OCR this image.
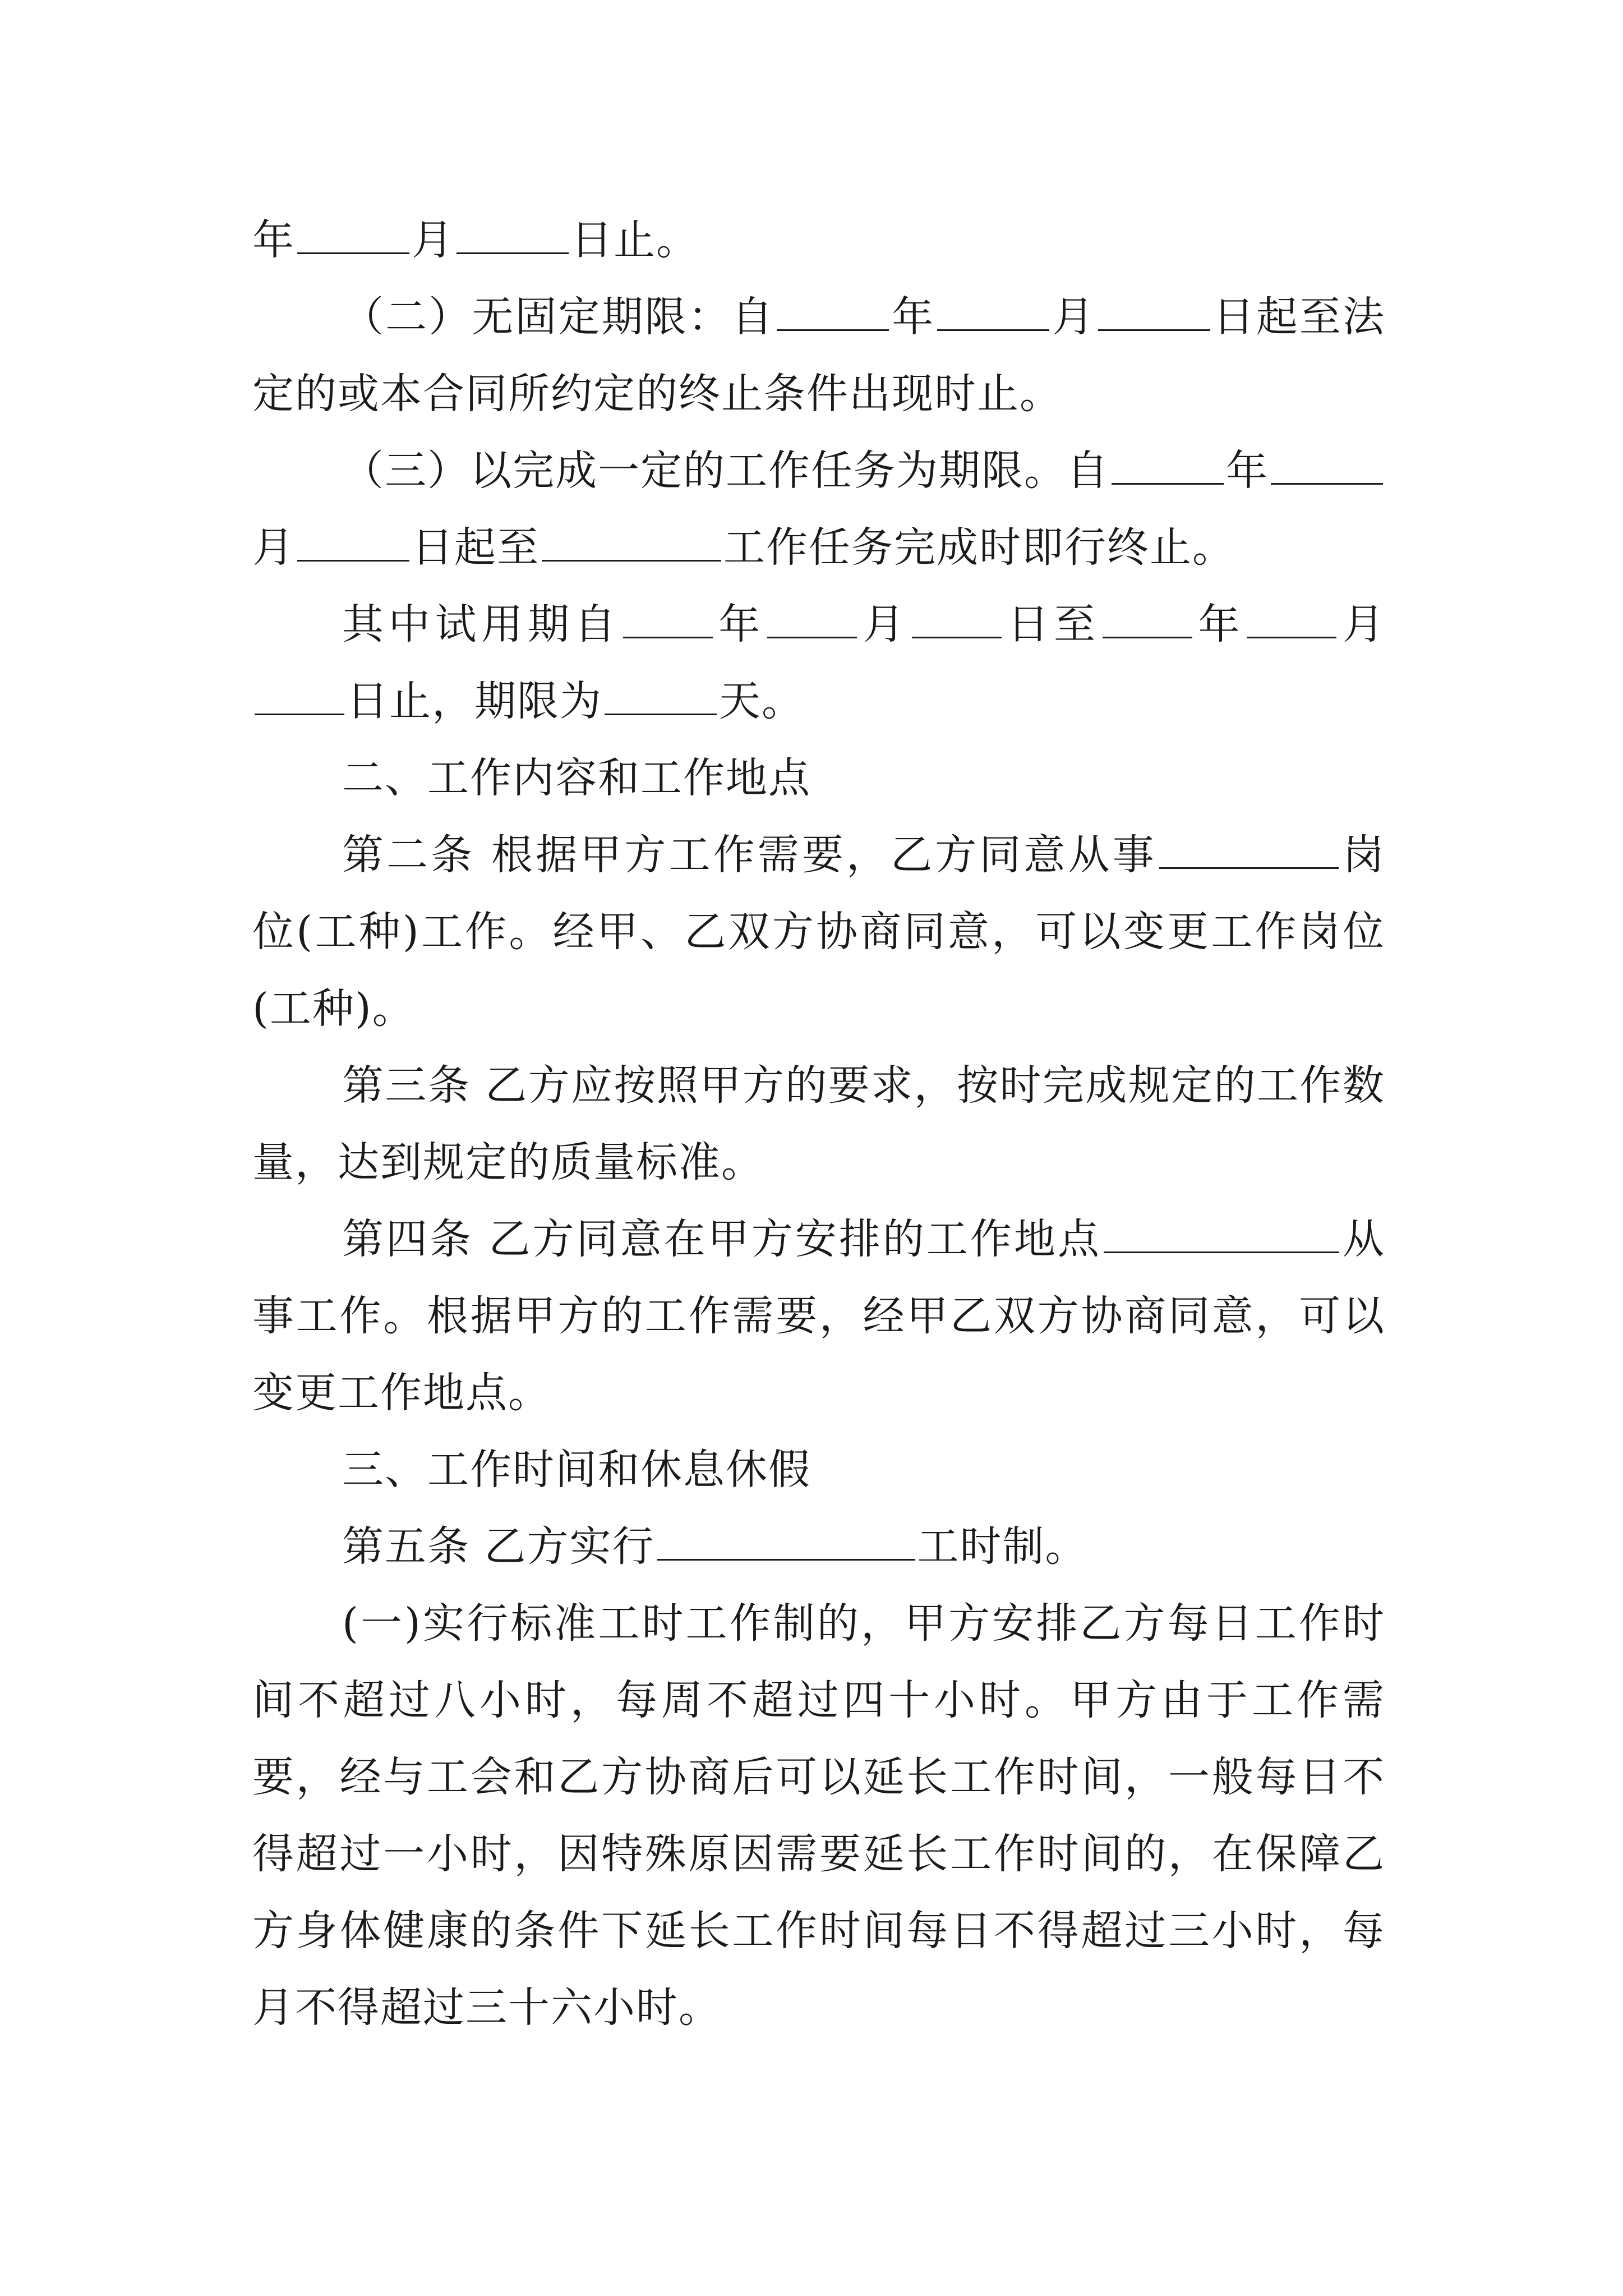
年	月	日止。

（二）无固定期限：自	年	月	日起至法定的或本合同所约定的终止条件出现时止。

（三）以完成一定的工作任务为期限。自	年月	日起至	工作任务完成时即行终止。

其中试用期自 年 月 日至 年 月日止，期限为	天。

二、工作内容和工作地点

第二条 根据甲方工作需要，乙方同意从事	岗位(工种)工作。经甲、乙双方协商同意，可以变更工作岗位(工种)。

第三条 乙方应按照甲方的要求，按时完成规定的工作数量，达到规定的质量标准。

第四条 乙方同意在甲方安排的工作地点	从事工作。根据甲方的工作需要，经甲乙双方协商同意，可以变更工作地点。

三、工作时间和休息休假

第五条 乙方实行	工时制。

(一)实行标准工时工作制的，甲方安排乙方每日工作时间不超过八小时，每周不超过四十小时。甲方由于工作需要，经与工会和乙方协商后可以延长工作时间，一般每日不得超过一小时，因特殊原因需要延长工作时间的，在保障乙方身体健康的条件下延长工作时间每日不得超过三小时，每月不得超过三十六小时。
